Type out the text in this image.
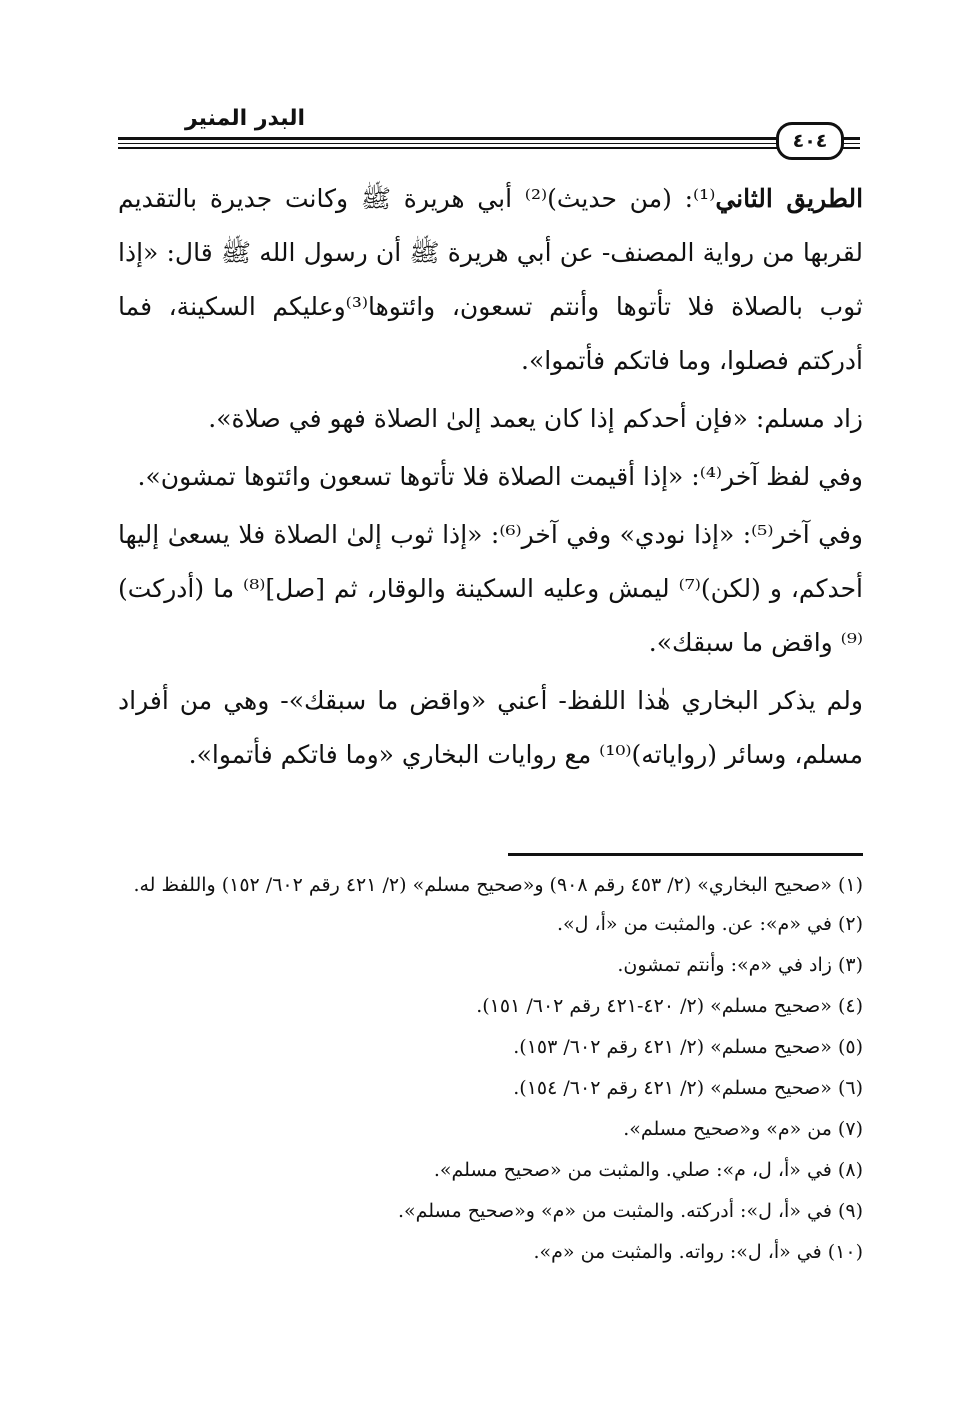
البدر المنير
٤٠٤

الطريق الثاني⁽¹⁾: (من حديث)⁽²⁾ أبي هريرة ﷺ وكانت جديرة بالتقديم لقربها من رواية المصنف- عن أبي هريرة ﷺ أن رسول الله ﷺ قال: «إذا ثوب بالصلاة فلا تأتوها وأنتم تسعون، وائتوها⁽³⁾وعليكم السكينة، فما أدركتم فصلوا، وما فاتكم فأتموا».

زاد مسلم: «فإن أحدكم إذا كان يعمد إلىٰ الصلاة فهو في صلاة».

وفي لفظ آخر⁽⁴⁾: «إذا أقيمت الصلاة فلا تأتوها تسعون وائتوها تمشون».

وفي آخر⁽⁵⁾: «إذا نودي» وفي آخر⁽⁶⁾: «إذا ثوب إلىٰ الصلاة فلا يسعىٰ إليها أحدكم، و (لكن)⁽⁷⁾ ليمش وعليه السكينة والوقار، ثم [صل]⁽⁸⁾ ما (أدركت)⁽⁹⁾ واقض ما سبقك».

ولم يذكر البخاري هٰذا اللفظ- أعني «واقض ما سبقك»- وهي من أفراد مسلم، وسائر (رواياته)⁽¹⁰⁾ مع روايات البخاري «وما فاتكم فأتموا».

(١) «صحيح البخاري» (٢/ ٤٥٣ رقم ٩٠٨) و«صحيح مسلم» (٢/ ٤٢١ رقم ٦٠٢/ ١٥٢) واللفظ له.

(٢) في «م»: عن. والمثبت من «أ، ل».

(٣) زاد في «م»: وأنتم تمشون.

(٤) «صحيح مسلم» (٢/ ٤٢٠-٤٢١ رقم ٦٠٢/ ١٥١).

(٥) «صحيح مسلم» (٢/ ٤٢١ رقم ٦٠٢/ ١٥٣).

(٦) «صحيح مسلم» (٢/ ٤٢١ رقم ٦٠٢/ ١٥٤).

(٧) من «م» و«صحيح مسلم».

(٨) في «أ، ل، م»: صلي. والمثبت من «صحيح مسلم».

(٩) في «أ، ل»: أدركته. والمثبت من «م» و«صحيح مسلم».

(١٠) في «أ، ل»: رواته. والمثبت من «م».
